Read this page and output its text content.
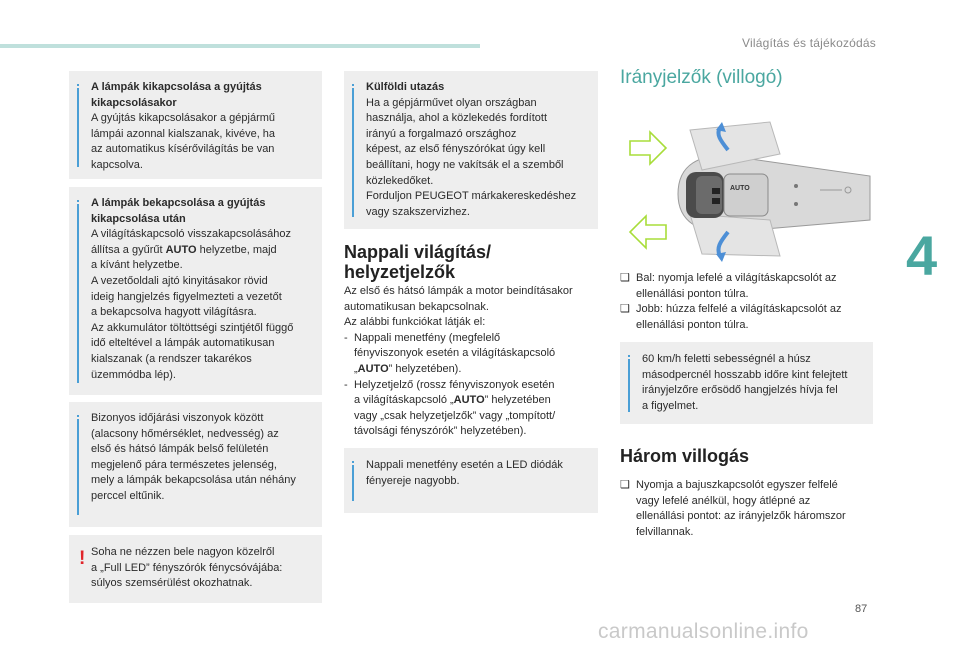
Világítás és tájékozódás
4
87
carmanualsonline.info
A lámpák kikapcsolása a gyújtás kikapcsolásakor
A gyújtás kikapcsolásakor a gépjármű
lámpái azonnal kialszanak, kivéve, ha
az automatikus kísérővilágítás be van
kapcsolva.
A lámpák bekapcsolása a gyújtás kikapcsolása után
A világításkapcsoló visszakapcsolásához
állítsa a gyűrűt AUTO helyzetbe, majd
a kívánt helyzetbe.
A vezetőoldali ajtó kinyitásakor rövid
ideig hangjelzés figyelmezteti a vezetőt
a bekapcsolva hagyott világításra.
Az akkumulátor töltöttségi szintjétől függő
idő elteltével a lámpák automatikusan
kialszanak (a rendszer takarékos
üzemmódba lép).
Bizonyos időjárási viszonyok között
(alacsony hőmérséklet, nedvesség) az
első és hátsó lámpák belső felületén
megjelenő pára természetes jelenség,
mely a lámpák bekapcsolása után néhány
perccel eltűnik.
! Soha ne nézzen bele nagyon közelről
a „Full LED” fényszórók fénycsóvájába:
súlyos szemsérülést okozhatnak.
Külföldi utazás
Ha a gépjárművet olyan országban
használja, ahol a közlekedés fordított
irányú a forgalmazó országhoz
képest, az első fényszórókat úgy kell
beállítani, hogy ne vakítsák el a szemből
közlekedőket.
Forduljon PEUGEOT márkakereskedéshez
vagy szakszervizhez.
Nappali világítás/
helyzetjelzők
Az első és hátsó lámpák a motor beindításakor
automatikusan bekapcsolnak.
Az alábbi funkciókat látják el:
- Nappali menetfény (megfelelő
fényviszonyok esetén a világításkapcsoló
„AUTO” helyzetében).
- Helyzetjelző (rossz fényviszonyok esetén
a világításkapcsoló „AUTO” helyzetében
vagy „csak helyzetjelzők” vagy „tompított/
távolsági fényszórók” helyzetében).
Nappali menetfény esetén a LED diódák
fényereje nagyobb.
Irányjelzők (villogó)
AUTO
❑ Bal: nyomja lefelé a világításkapcsolót az
ellenállási ponton túlra.
❑ Jobb: húzza felfelé a világításkapcsolót az
ellenállási ponton túlra.
60 km/h feletti sebességnél a húsz
másodpercnél hosszabb időre kint felejtett
irányjelzőre erősödő hangjelzés hívja fel
a figyelmet.
Három villogás
❑ Nyomja a bajuszkapcsolót egyszer felfelé
vagy lefelé anélkül, hogy átlépné az
ellenállási pontot: az irányjelzők háromszor
felvillannak.
